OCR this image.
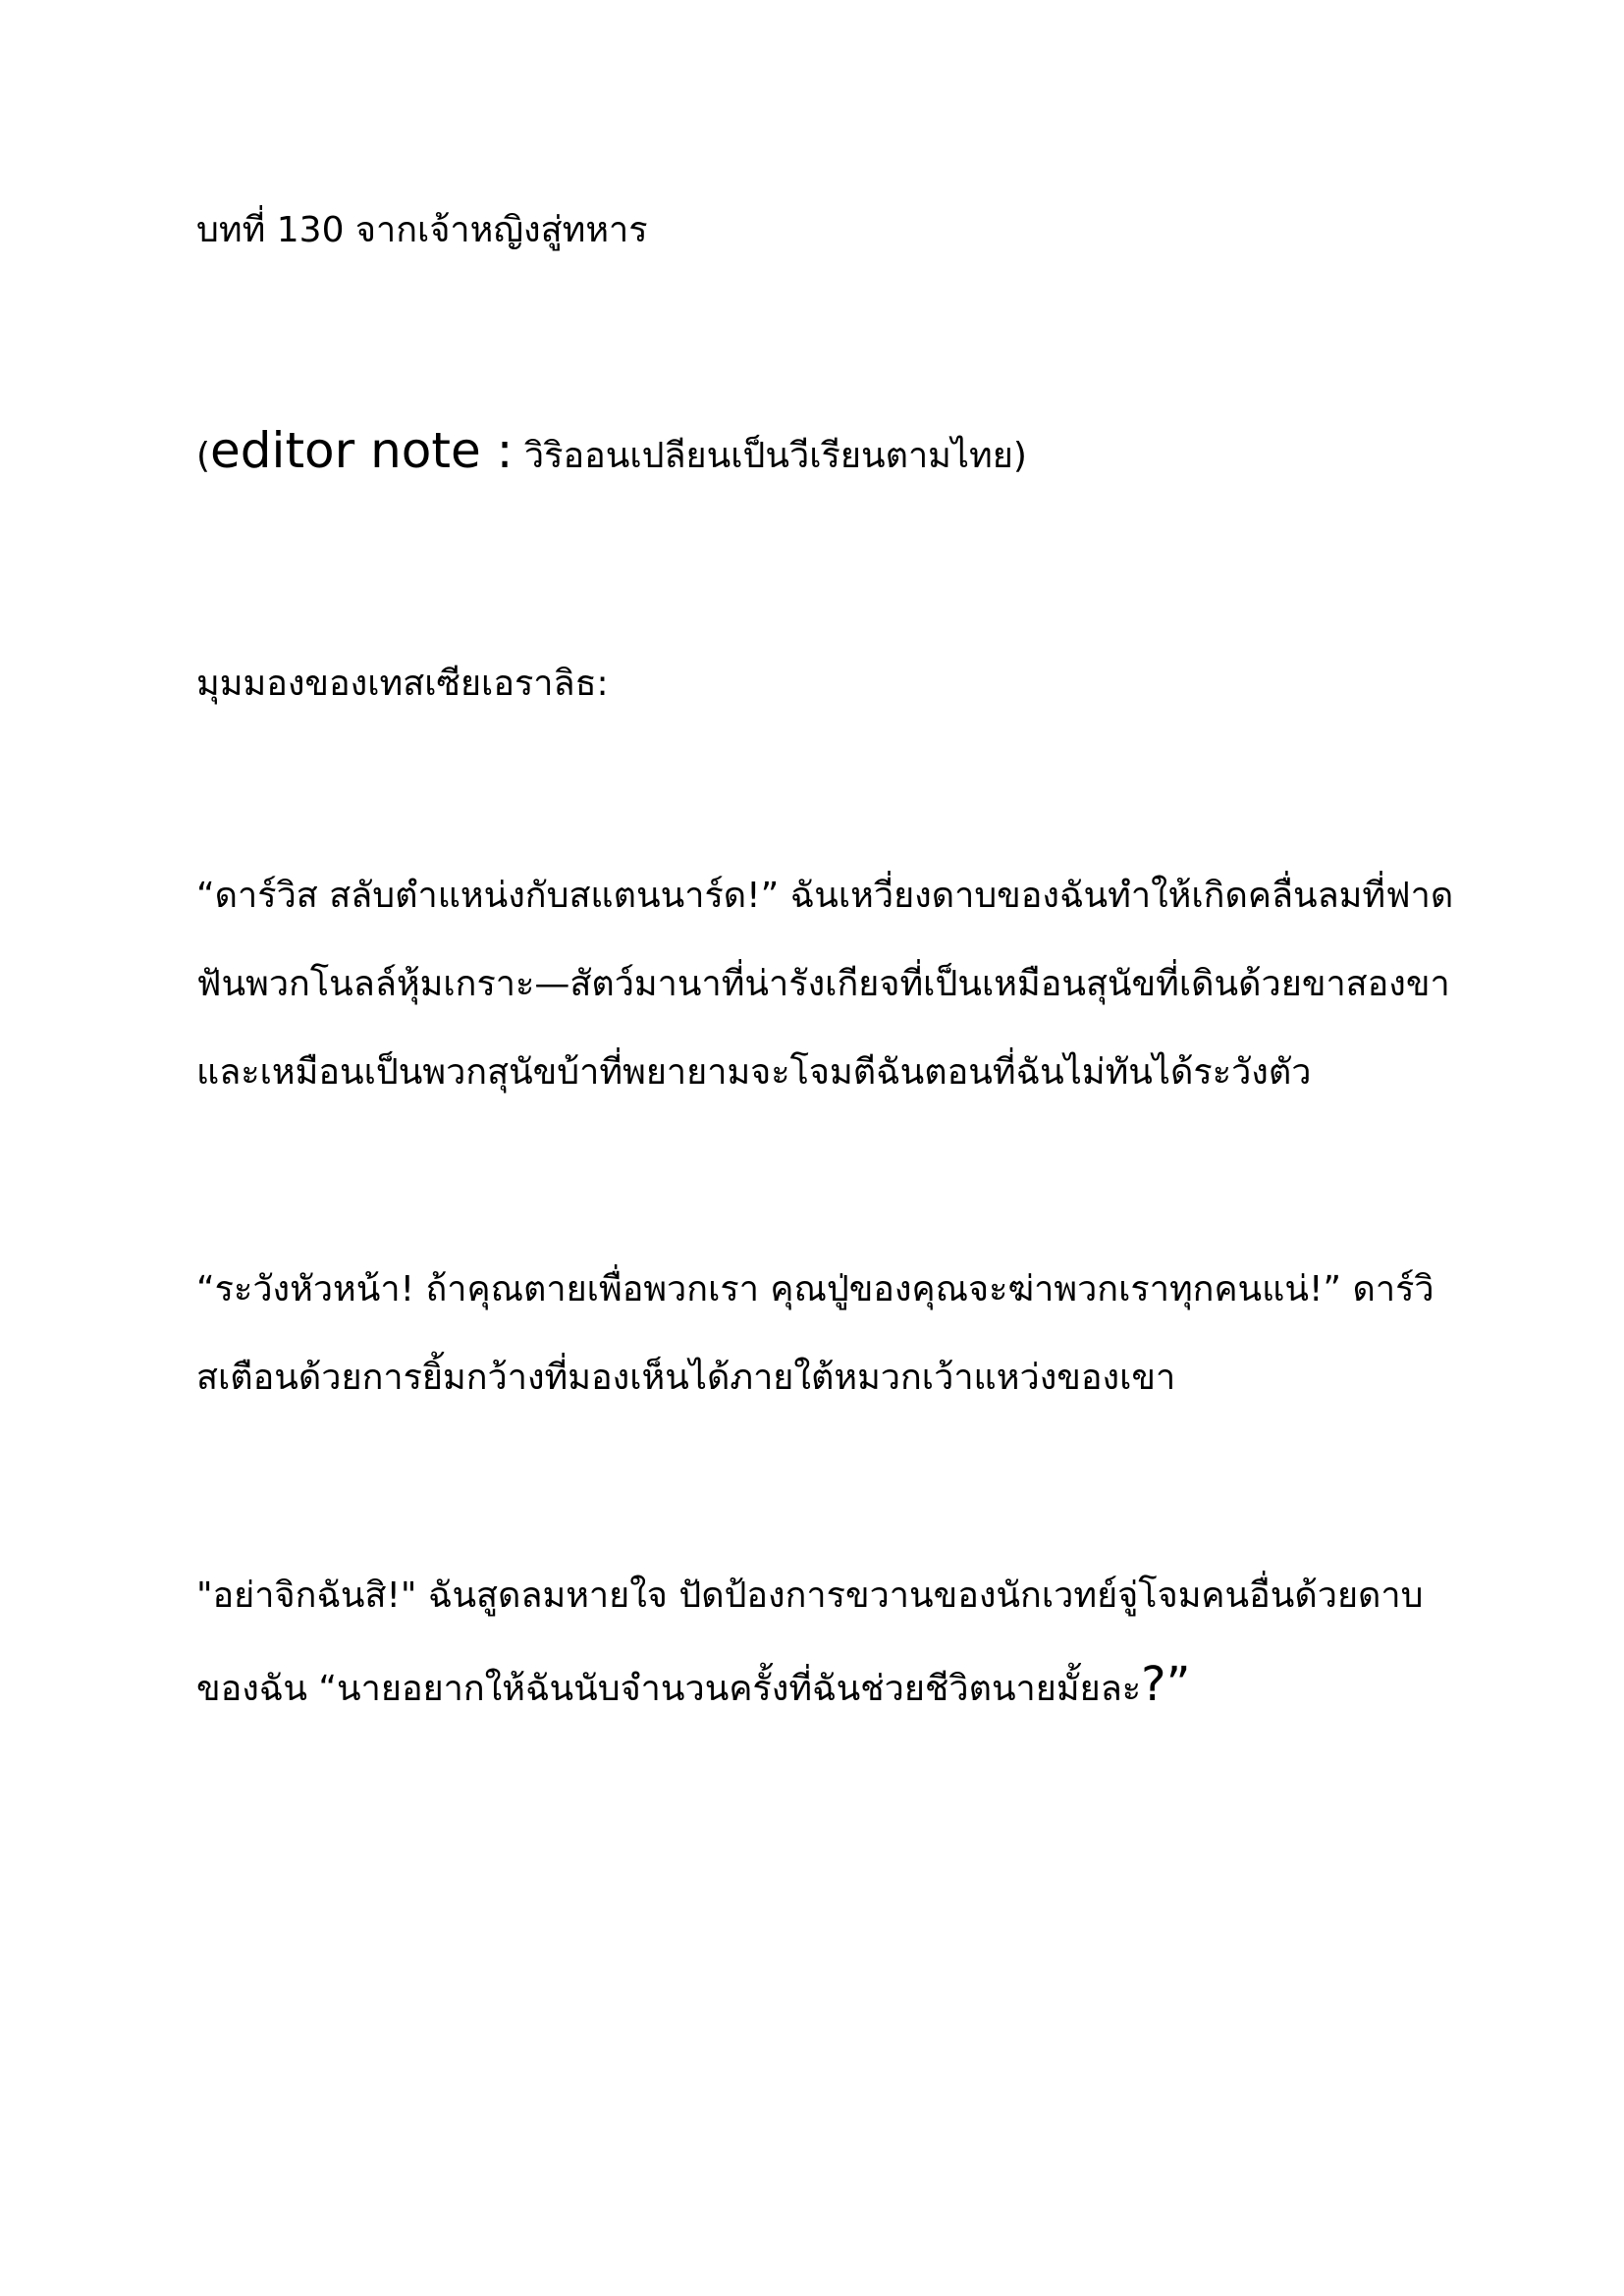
บทที่ 130 จากเจ้าหญิงสู่ทหาร

(editor note : วิริออนเปลียนเป็นวีเรียนตามไทย)

มุมมองของเทสเซียเอราลิธ:

“ดาร์วิส สลับตำแหน่งกับสแตนนาร์ด!” ฉันเหวี่ยงดาบของฉันทำให้เกิดคลื่นลมที่ฟาด

ฟันพวกโนลล์หุ้มเกราะ—สัตว์มานาที่น่ารังเกียจที่เป็นเหมือนสุนัขที่เดินด้วยขาสองขา

และเหมือนเป็นพวกสุนัขบ้าที่พยายามจะโจมตีฉันตอนที่ฉันไม่ทันได้ระวังตัว

“ระวังหัวหน้า! ถ้าคุณตายเพื่อพวกเรา คุณปู่ของคุณจะฆ่าพวกเราทุกคนแน่!” ดาร์วิ

สเตือนด้วยการยิ้มกว้างที่มองเห็นได้ภายใต้หมวกเว้าแหว่งของเขา

"อย่าจิกฉันสิ!" ฉันสูดลมหายใจ ปัดป้องการขวานของนักเวทย์จู่โจมคนอื่นด้วยดาบ

ของฉัน “นายอยากให้ฉันนับจำนวนครั้งที่ฉันช่วยชีวิตนายมั้ยละ?”
